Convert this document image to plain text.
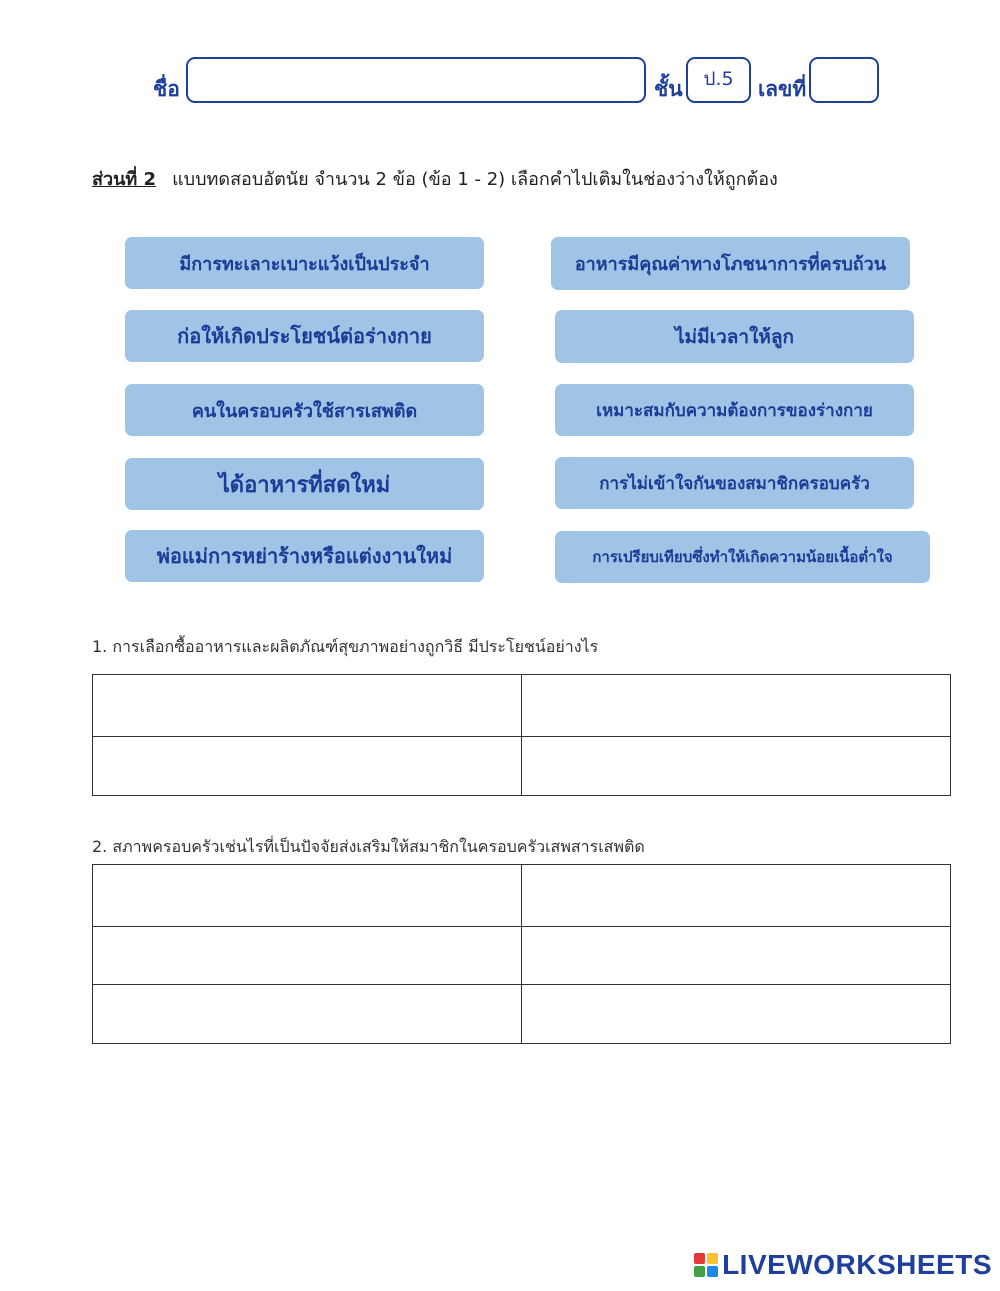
ชื่อ	ชั้น	ป.5	เลขที่
ส่วนที่ 2 แบบทดสอบอัตนัย จำนวน 2 ข้อ (ข้อ 1 - 2) เลือกคำไปเติมในช่องว่างให้ถูกต้อง
มีการทะเลาะเบาะแว้งเป็นประจำ
ก่อให้เกิดประโยชน์ต่อร่างกาย
คนในครอบครัวใช้สารเสพติด
ได้อาหารที่สดใหม่
พ่อแม่การหย่าร้างหรือแต่งงานใหม่
อาหารมีคุณค่าทางโภชนาการที่ครบถ้วน
ไม่มีเวลาให้ลูก
เหมาะสมกับความต้องการของร่างกาย
การไม่เข้าใจกันของสมาชิกครอบครัว
การเปรียบเทียบซึ่งทำให้เกิดความน้อยเนื้อต่ำใจ
1. การเลือกซื้ออาหารและผลิตภัณฑ์สุขภาพอย่างถูกวิธี มีประโยชน์อย่างไร

2. สภาพครอบครัวเช่นไรที่เป็นปัจจัยส่งเสริมให้สมาชิกในครอบครัวเสพสารเสพติด

LIVEWORKSHEETS
